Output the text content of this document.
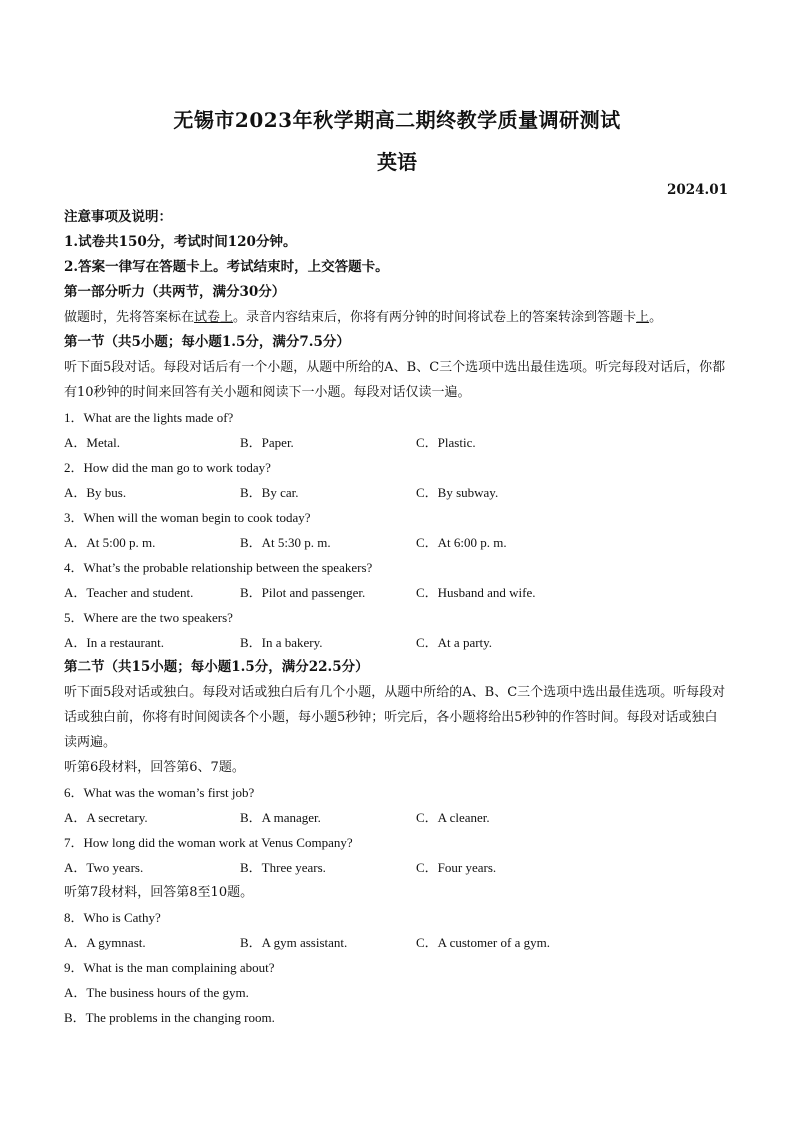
无锡市2023年秋学期高二期终教学质量调研测试
英语
2024.01
注意事项及说明：
1.试卷共150分，考试时间120分钟。
2.答案一律写在答题卡上。考试结束时，上交答题卡。
第一部分听力（共两节，满分30分）
做题时，先将答案标在试卷上。录音内容结束后，你将有两分钟的时间将试卷上的答案转涂到答题卡上。
第一节（共5小题；每小题1.5分，满分7.5分）
听下面5段对话。每段对话后有一个小题，从题中所给的A、B、C三个选项中选出最佳选项。听完每段对话后，你都有10秒钟的时间来回答有关小题和阅读下一小题。每段对话仅读一遍。
1．What are the lights made of?
A．Metal.	B．Paper.	C．Plastic.
2．How did the man go to work today?
A．By bus.	B．By car.	C．By subway.
3．When will the woman begin to cook today?
A．At 5:00 p. m.	B．At 5:30 p. m.	C．At 6:00 p. m.
4．What’s the probable relationship between the speakers?
A．Teacher and student.	B．Pilot and passenger.	C．Husband and wife.
5．Where are the two speakers?
A．In a restaurant.	B．In a bakery.	C．At a party.
第二节（共15小题；每小题1.5分，满分22.5分）
听下面5段对话或独白。每段对话或独白后有几个小题，从题中所给的A、B、C三个选项中选出最佳选项。听每段对话或独白前，你将有时间阅读各个小题，每小题5秒钟；听完后，各小题将给出5秒钟的作答时间。每段对话或独白读两遍。
听第6段材料，回答第6、7题。
6．What was the woman’s first job?
A．A secretary.	B．A manager.	C．A cleaner.
7．How long did the woman work at Venus Company?
A．Two years.	B．Three years.	C．Four years.
听第7段材料，回答第8至10题。
8．Who is Cathy?
A．A gymnast.	B．A gym assistant.	C．A customer of a gym.
9．What is the man complaining about?
A．The business hours of the gym.
B．The problems in the changing room.
